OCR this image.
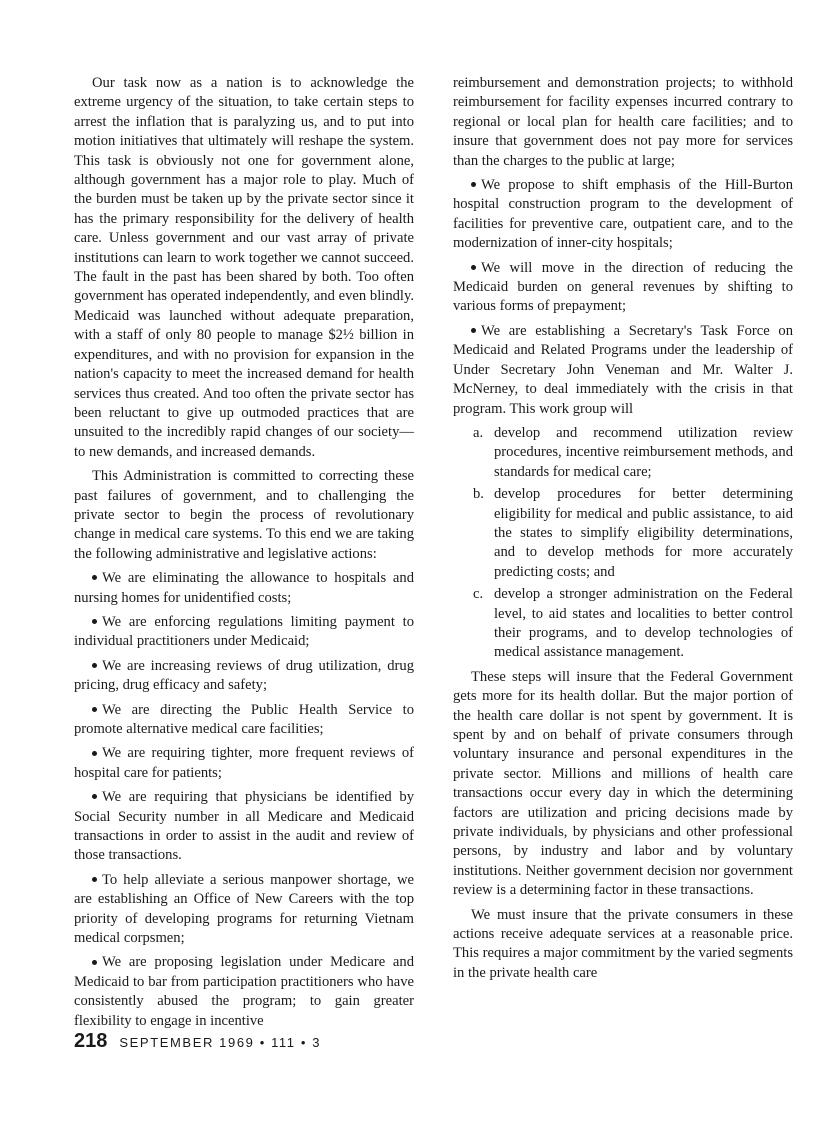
Our task now as a nation is to acknowledge the extreme urgency of the situation, to take certain steps to arrest the inflation that is paralyzing us, and to put into motion initiatives that ultimately will reshape the system. This task is obviously not one for government alone, although government has a major role to play. Much of the burden must be taken up by the private sector since it has the primary responsibility for the delivery of health care. Unless government and our vast array of private institutions can learn to work together we cannot succeed. The fault in the past has been shared by both. Too often government has operated independently, and even blindly. Medicaid was launched without adequate preparation, with a staff of only 80 people to manage $2½ billion in expenditures, and with no provision for expansion in the nation's capacity to meet the increased demand for health services thus created. And too often the private sector has been reluctant to give up outmoded practices that are unsuited to the incredibly rapid changes of our society—to new demands, and increased demands.

This Administration is committed to correcting these past failures of government, and to challenging the private sector to begin the process of revolutionary change in medical care systems. To this end we are taking the following administrative and legislative actions:

We are eliminating the allowance to hospitals and nursing homes for unidentified costs;
We are enforcing regulations limiting payment to individual practitioners under Medicaid;
We are increasing reviews of drug utilization, drug pricing, drug efficacy and safety;
We are directing the Public Health Service to promote alternative medical care facilities;
We are requiring tighter, more frequent reviews of hospital care for patients;
We are requiring that physicians be identified by Social Security number in all Medicare and Medicaid transactions in order to assist in the audit and review of those transactions.
To help alleviate a serious manpower shortage, we are establishing an Office of New Careers with the top priority of developing programs for returning Vietnam medical corpsmen;
We are proposing legislation under Medicare and Medicaid to bar from participation practitioners who have consistently abused the program; to gain greater flexibility to engage in incentive

reimbursement and demonstration projects; to withhold reimbursement for facility expenses incurred contrary to regional or local plan for health care facilities; and to insure that government does not pay more for services than the charges to the public at large;

We propose to shift emphasis of the Hill-Burton hospital construction program to the development of facilities for preventive care, outpatient care, and to the modernization of inner-city hospitals;
We will move in the direction of reducing the Medicaid burden on general revenues by shifting to various forms of prepayment;
We are establishing a Secretary's Task Force on Medicaid and Related Programs under the leadership of Under Secretary John Veneman and Mr. Walter J. McNerney, to deal immediately with the crisis in that program. This work group will
a. develop and recommend utilization review procedures, incentive reimbursement methods, and standards for medical care;
b. develop procedures for better determining eligibility for medical and public assistance, to aid the states to simplify eligibility determinations, and to develop methods for more accurately predicting costs; and
c. develop a stronger administration on the Federal level, to aid states and localities to better control their programs, and to develop technologies of medical assistance management.

These steps will insure that the Federal Government gets more for its health dollar. But the major portion of the health care dollar is not spent by government. It is spent by and on behalf of private consumers through voluntary insurance and personal expenditures in the private sector. Millions and millions of health care transactions occur every day in which the determining factors are utilization and pricing decisions made by private individuals, by physicians and other professional persons, by industry and labor and by voluntary institutions. Neither government decision nor government review is a determining factor in these transactions.

We must insure that the private consumers in these actions receive adequate services at a reasonable price. This requires a major commitment by the varied segments in the private health care

218 SEPTEMBER 1969 • 111 • 3
